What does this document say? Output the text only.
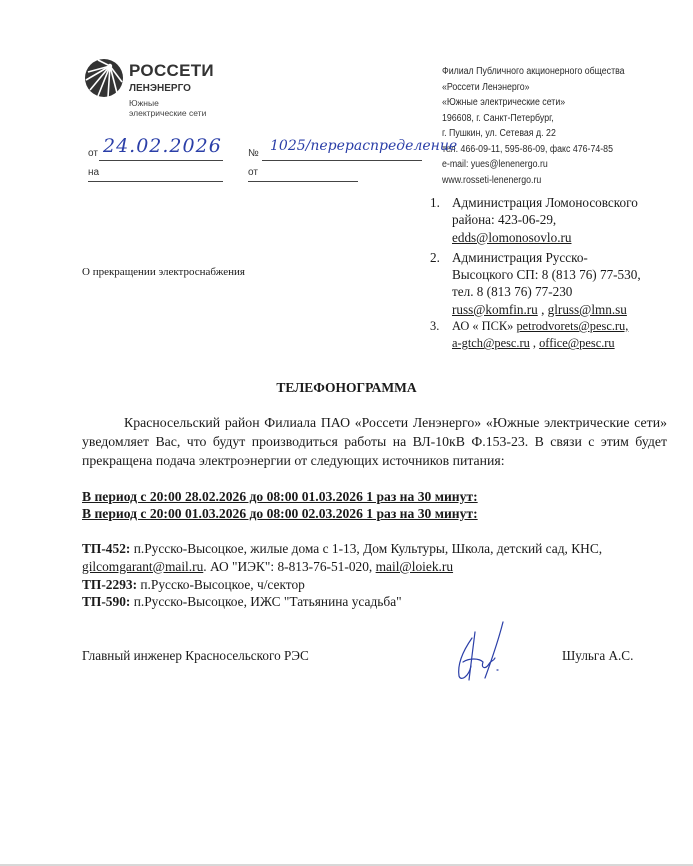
РОССЕТИ
ЛЕНЭНЕРГО
Южные
электрические сети
Филиал Публичного акционерного общества
«Россети Ленэнерго»
«Южные электрические сети»
196608, г. Санкт-Петербург,
г. Пушкин, ул. Сетевая д. 22
тел. 466-09-11, 595-86-09, факс 476-74-85
e-mail: yues@lenenergo.ru
www.rosseti-lenenergo.ru
от 24.02.2026	№ 1025/перераспределение
на	от
1. Администрация Ломоносовского
района: 423-06-29,
edds@lomonosovlo.ru
2. Администрация Русско-
Высоцкого СП: 8 (813 76) 77-530,
тел. 8 (813 76) 77-230
russ@komfin.ru , glruss@lmn.su
3. АО « ПСК» petrodvorets@pesc.ru,
a-gtch@pesc.ru , office@pesc.ru
О прекращении электроснабжения
ТЕЛЕФОНОГРАММА

Красносельский район Филиала ПАО «Россети Ленэнерго» «Южные электрические сети» уведомляет Вас, что будут производиться работы на ВЛ-10кВ Ф.153-23. В связи с этим будет прекращена подача электроэнергии от следующих источников питания:

В период с 20:00 28.02.2026 до 08:00 01.03.2026 1 раз на 30 минут:
В период с 20:00 01.03.2026 до 08:00 02.03.2026 1 раз на 30 минут:
ТП-452: п.Русско-Высоцкое, жилые дома с 1-13, Дом Культуры, Школа, детский сад, КНС,
gilcomgarant@mail.ru. АО "ИЭК": 8-813-76-51-020, mail@loiek.ru
ТП-2293: п.Русско-Высоцкое, ч/сектор
ТП-590: п.Русско-Высоцкое, ИЖС "Татьянина усадьба"
Главный инженер Красносельского РЭС	Шульга А.С.
